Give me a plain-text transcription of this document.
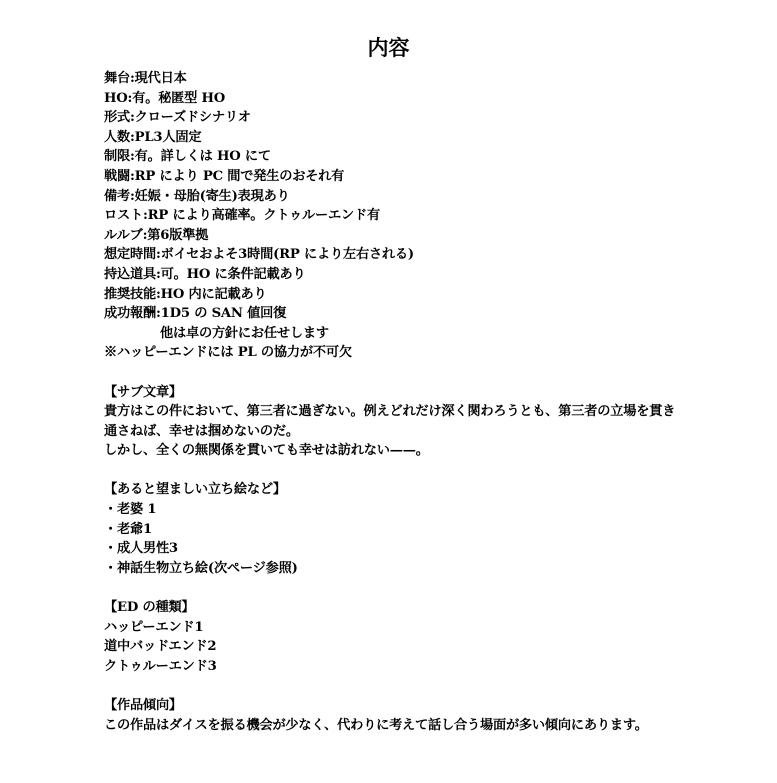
内容
舞台:現代日本
HO:有。秘匿型 HO
形式:クローズドシナリオ
人数:PL3人固定
制限:有。詳しくは HO にて
戦闘:RP により PC 間で発生のおそれ有
備考:妊娠・母胎(寄生)表現あり
ロスト:RP により高確率。クトゥルーエンド有
ルルブ:第6版準拠
想定時間:ボイセおよそ3時間(RP により左右される)
持込道具:可。HO に条件記載あり
推奨技能:HO 内に記載あり
成功報酬:1D5 の SAN 値回復
他は卓の方針にお任せします
※ハッピーエンドには PL の協力が不可欠
【サブ文章】
貴方はこの件において、第三者に過ぎない。例えどれだけ深く関わろうとも、第三者の立場を貫き
通さねば、幸せは掴めないのだ。
しかし、全くの無関係を貫いても幸せは訪れない——。
【あると望ましい立ち絵など】
・老婆 1
・老爺1
・成人男性3
・神話生物立ち絵(次ページ参照)
【ED の種類】
ハッピーエンド1
道中バッドエンド2
クトゥルーエンド3
【作品傾向】
この作品はダイスを振る機会が少なく、代わりに考えて話し合う場面が多い傾向にあります。
